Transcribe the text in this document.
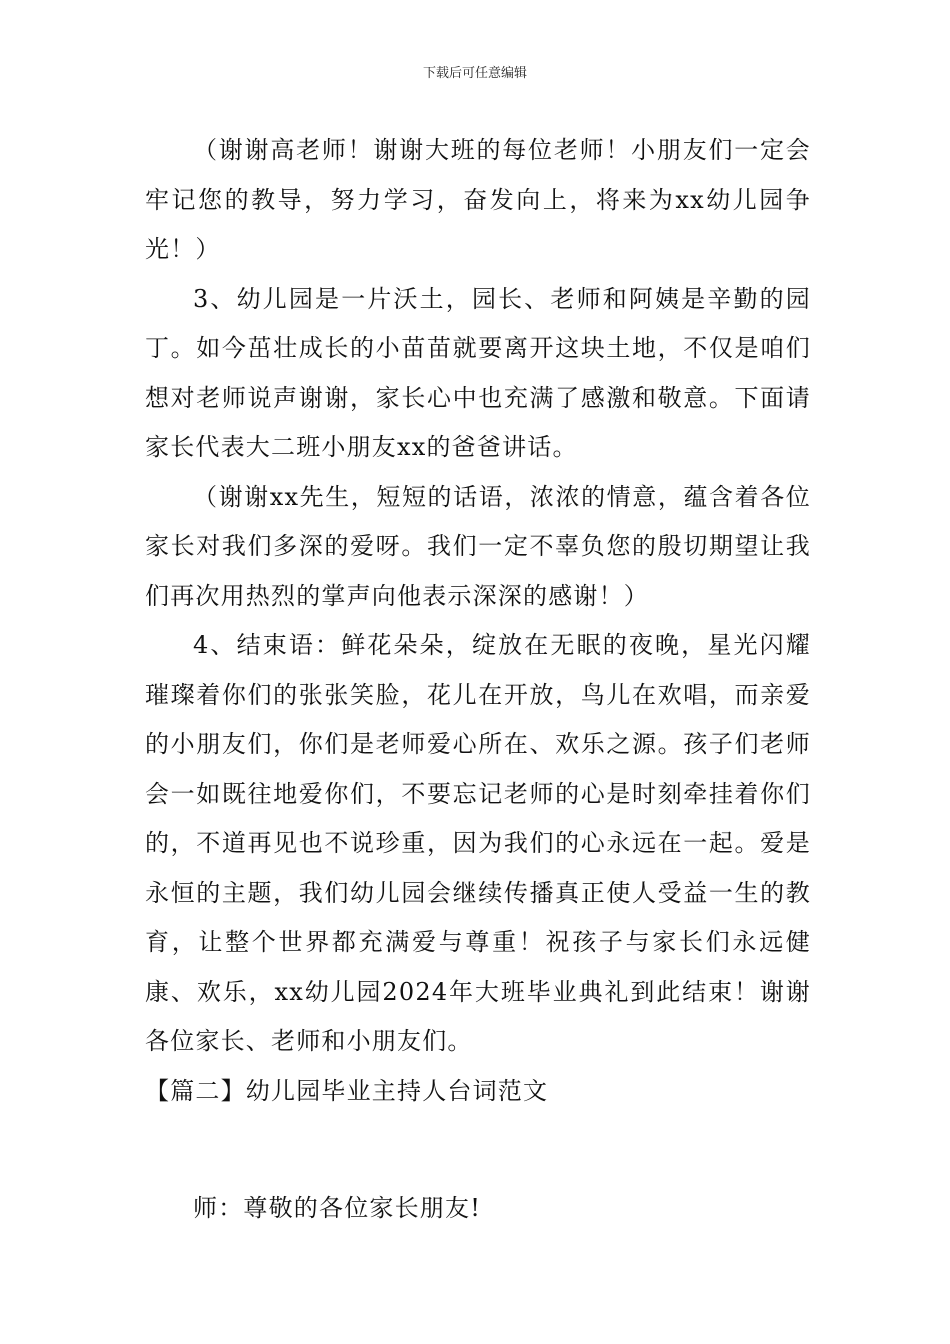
下载后可任意编辑

（谢谢高老师！谢谢大班的每位老师！小朋友们一定会牢记您的教导，努力学习，奋发向上，将来为xx幼儿园争光！）

3、幼儿园是一片沃土，园长、老师和阿姨是辛勤的园丁。如今茁壮成长的小苗苗就要离开这块土地，不仅是咱们想对老师说声谢谢，家长心中也充满了感激和敬意。下面请家长代表大二班小朋友xx的爸爸讲话。

（谢谢xx先生，短短的话语，浓浓的情意，蕴含着各位家长对我们多深的爱呀。我们一定不辜负您的殷切期望让我们再次用热烈的掌声向他表示深深的感谢！）

4、结束语：鲜花朵朵，绽放在无眠的夜晚，星光闪耀璀璨着你们的张张笑脸，花儿在开放，鸟儿在欢唱，而亲爱的小朋友们，你们是老师爱心所在、欢乐之源。孩子们老师会一如既往地爱你们，不要忘记老师的心是时刻牵挂着你们的，不道再见也不说珍重，因为我们的心永远在一起。爱是永恒的主题，我们幼儿园会继续传播真正使人受益一生的教育，让整个世界都充满爱与尊重！祝孩子与家长们永远健康、欢乐，xx幼儿园2024年大班毕业典礼到此结束！谢谢各位家长、老师和小朋友们。

【篇二】幼儿园毕业主持人台词范文

师：尊敬的各位家长朋友!
